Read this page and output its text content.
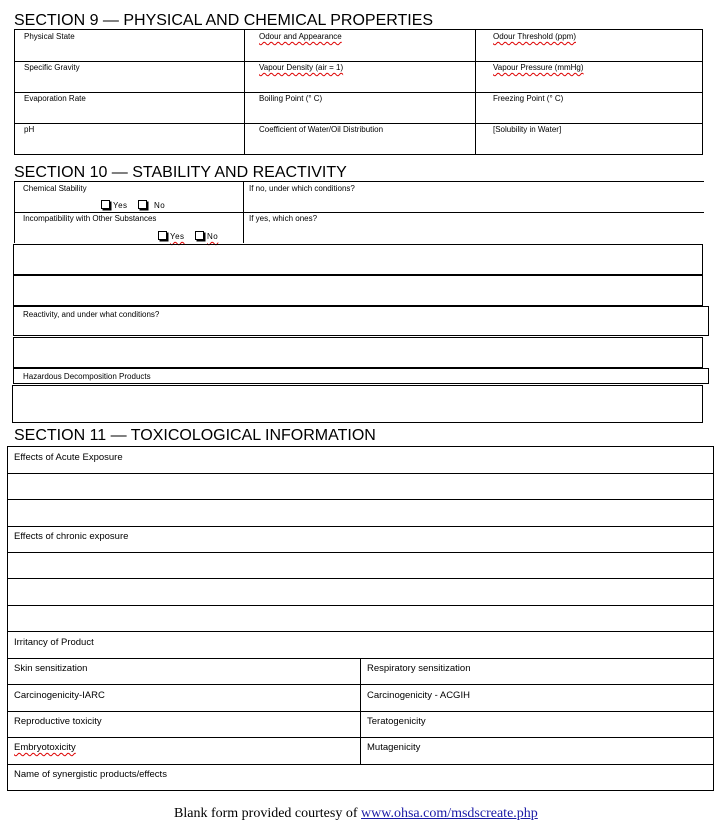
SECTION 9 — PHYSICAL AND CHEMICAL PROPERTIES
Physical State	Odour and Appearance	Odour Threshold (ppm)
Specific Gravity	Vapour Density (air = 1)	Vapour Pressure (mmHg)
Evaporation Rate	Boiling Point (° C)	Freezing Point (° C)
pH	Coefficient of Water/Oil Distribution	[Solubility in Water]
SECTION 10 — STABILITY AND REACTIVITY
Chemical Stability	If no, under which conditions?
Yes	No
Incompatibility with Other Substances	If yes, which ones?
Yes	No
Reactivity, and under what conditions?
Hazardous Decomposition Products
SECTION 11 — TOXICOLOGICAL INFORMATION
Effects of Acute Exposure
Effects of chronic exposure
Irritancy of Product
Skin sensitization	Respiratory sensitization
Carcinogenicity-IARC	Carcinogenicity - ACGIH
Reproductive toxicity	Teratogenicity
Embryotoxicity	Mutagenicity
Name of synergistic products/effects
Blank form provided courtesy of www.ohsa.com/msdscreate.php
